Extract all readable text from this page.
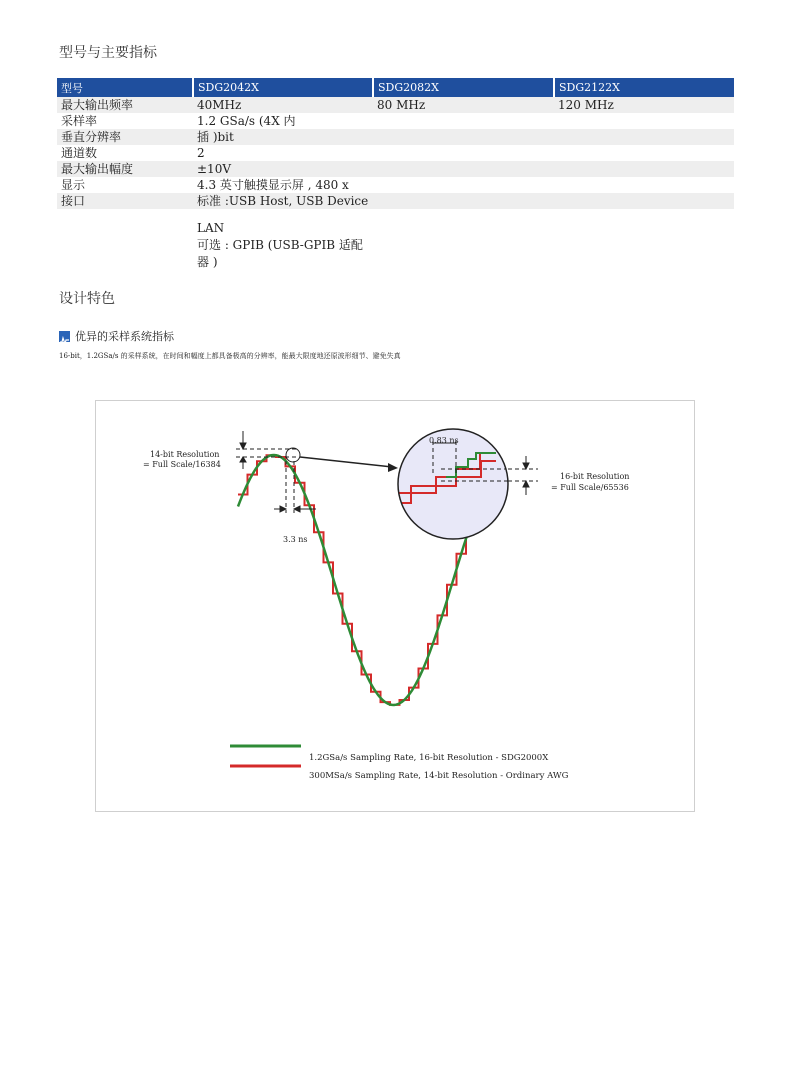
型号与主要指标
型号	SDG2042X	SDG2082X	SDG2122X
最大输出频率	40MHz	80 MHz	120 MHz
采样率	1.2 GSa/s (4X 内		
垂直分辨率	插 )bit		
通道数	2		
最大输出幅度	±10V		
显示	4.3 英寸触摸显示屏 , 480 x		
接口	标准 :USB Host, USB Device		
LAN
可选 : GPIB (USB-GPIB 适配
器 )
设计特色
优异的采样系统指标
16-bit，1.2GSa/s 的采样系统，在时间和幅度上都具备极高的分辨率，能最大限度地还原波形细节、避免失真
14-bit Resolution
= Full Scale/16384
3.3 ns
0.83 ns
16-bit Resolution
= Full Scale/65536
1.2GSa/s Sampling Rate, 16-bit Resolution - SDG2000X
300MSa/s Sampling Rate, 14-bit Resolution - Ordinary AWG
